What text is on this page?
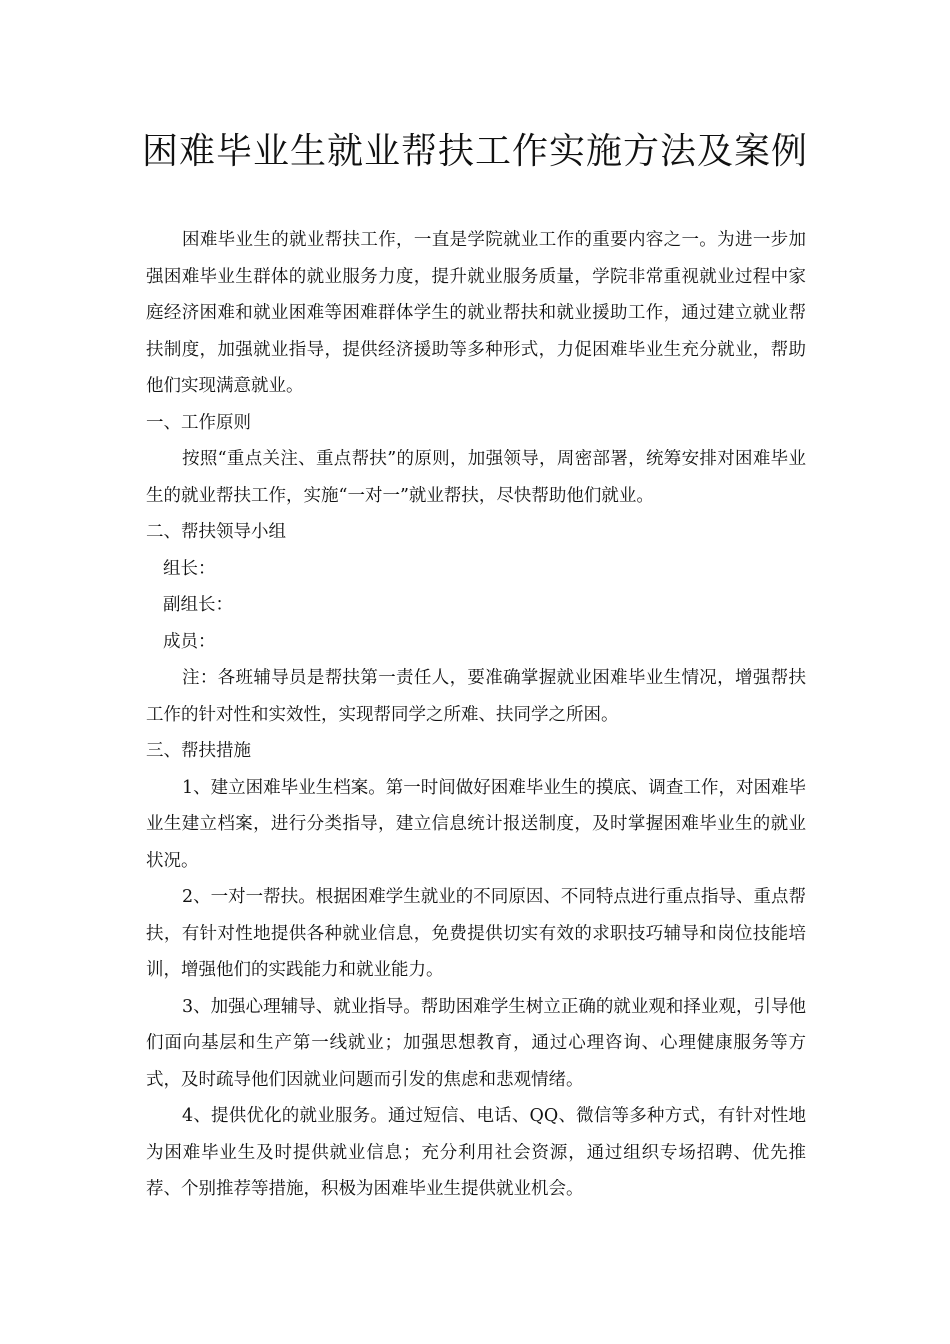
困难毕业生就业帮扶工作实施方法及案例

困难毕业生的就业帮扶工作，一直是学院就业工作的重要内容之一。为进一步加强困难毕业生群体的就业服务力度，提升就业服务质量，学院非常重视就业过程中家庭经济困难和就业困难等困难群体学生的就业帮扶和就业援助工作，通过建立就业帮扶制度，加强就业指导，提供经济援助等多种形式，力促困难毕业生充分就业，帮助他们实现满意就业。

一、工作原则

按照“重点关注、重点帮扶”的原则，加强领导，周密部署，统筹安排对困难毕业生的就业帮扶工作，实施“一对一”就业帮扶，尽快帮助他们就业。

二、帮扶领导小组

组长：

副组长：

成员：

注：各班辅导员是帮扶第一责任人，要准确掌握就业困难毕业生情况，增强帮扶工作的针对性和实效性，实现帮同学之所难、扶同学之所困。

三、帮扶措施

1、建立困难毕业生档案。第一时间做好困难毕业生的摸底、调查工作，对困难毕业生建立档案，进行分类指导，建立信息统计报送制度，及时掌握困难毕业生的就业状况。

2、一对一帮扶。根据困难学生就业的不同原因、不同特点进行重点指导、重点帮扶，有针对性地提供各种就业信息，免费提供切实有效的求职技巧辅导和岗位技能培训，增强他们的实践能力和就业能力。

3、加强心理辅导、就业指导。帮助困难学生树立正确的就业观和择业观，引导他们面向基层和生产第一线就业；加强思想教育，通过心理咨询、心理健康服务等方式，及时疏导他们因就业问题而引发的焦虑和悲观情绪。

4、提供优化的就业服务。通过短信、电话、QQ、微信等多种方式，有针对性地为困难毕业生及时提供就业信息；充分利用社会资源，通过组织专场招聘、优先推荐、个别推荐等措施，积极为困难毕业生提供就业机会。
